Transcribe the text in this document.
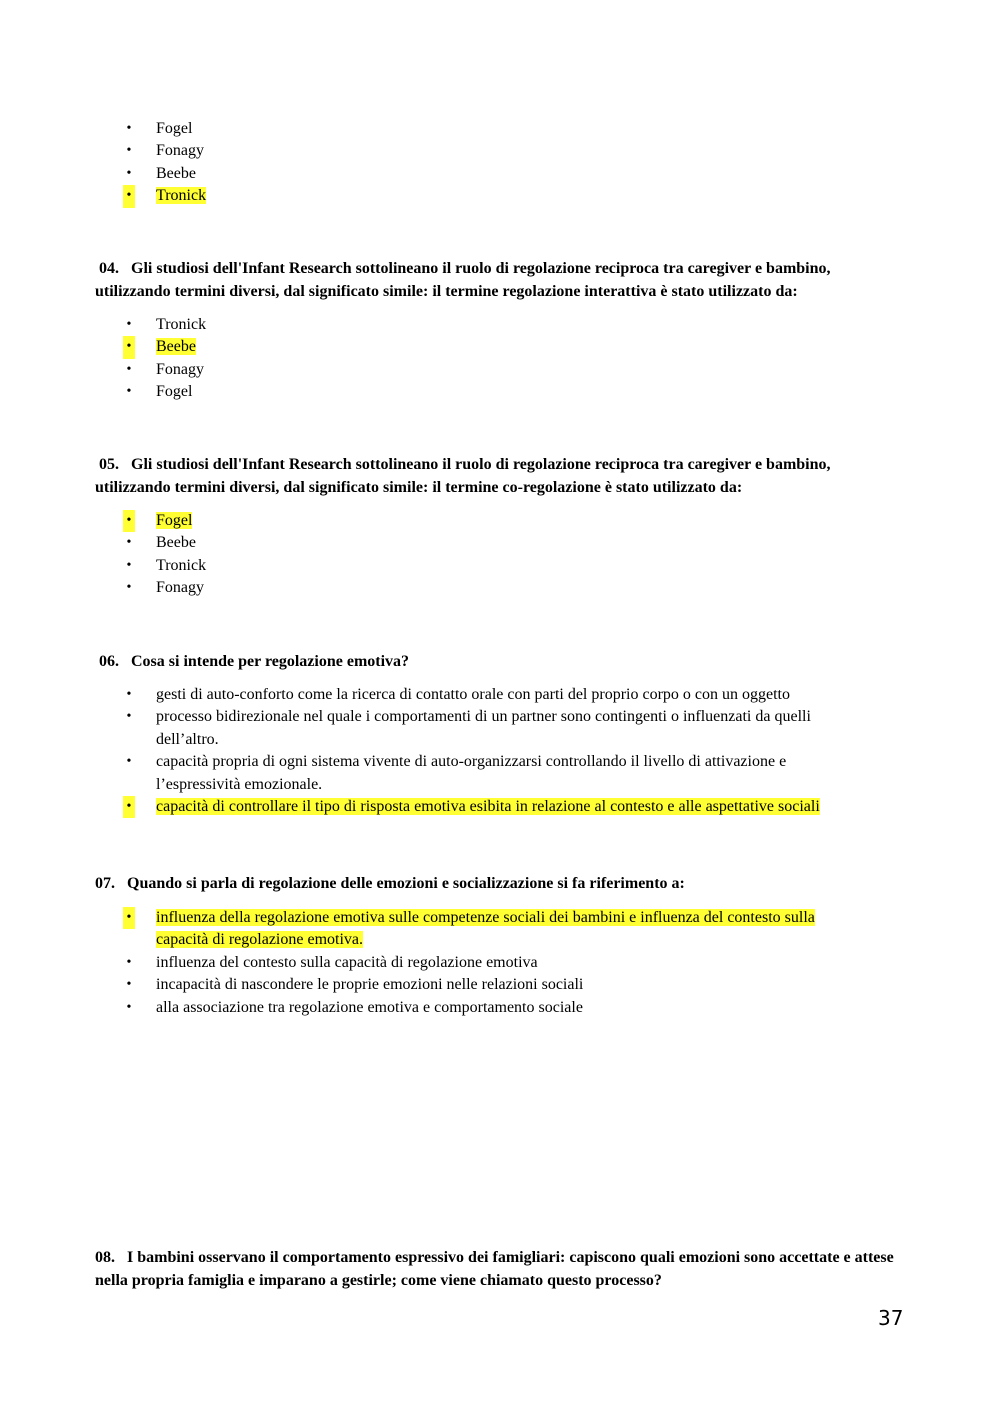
• Fogel
• Fonagy
• Beebe
• Tronick

04. Gli studiosi dell'Infant Research sottolineano il ruolo di regolazione reciproca tra caregiver e bambino, utilizzando termini diversi, dal significato simile: il termine regolazione interattiva è stato utilizzato da:

• Tronick
• Beebe
• Fonagy
• Fogel

05. Gli studiosi dell'Infant Research sottolineano il ruolo di regolazione reciproca tra caregiver e bambino, utilizzando termini diversi, dal significato simile: il termine co-regolazione è stato utilizzato da:

• Fogel
• Beebe
• Tronick
• Fonagy

06. Cosa si intende per regolazione emotiva?

• gesti di auto-conforto come la ricerca di contatto orale con parti del proprio corpo o con un oggetto
• processo bidirezionale nel quale i comportamenti di un partner sono contingenti o influenzati da quelli dell’altro.
• capacità propria di ogni sistema vivente di auto-organizzarsi controllando il livello di attivazione e l’espressività emozionale.
• capacità di controllare il tipo di risposta emotiva esibita in relazione al contesto e alle aspettative sociali

07. Quando si parla di regolazione delle emozioni e socializzazione si fa riferimento a:

• influenza della regolazione emotiva sulle competenze sociali dei bambini e influenza del contesto sulla capacità di regolazione emotiva.
• influenza del contesto sulla capacità di regolazione emotiva
• incapacità di nascondere le proprie emozioni nelle relazioni sociali
• alla associazione tra regolazione emotiva e comportamento sociale

08. I bambini osservano il comportamento espressivo dei famigliari: capiscono quali emozioni sono accettate e attese nella propria famiglia e imparano a gestirle; come viene chiamato questo processo?

37
